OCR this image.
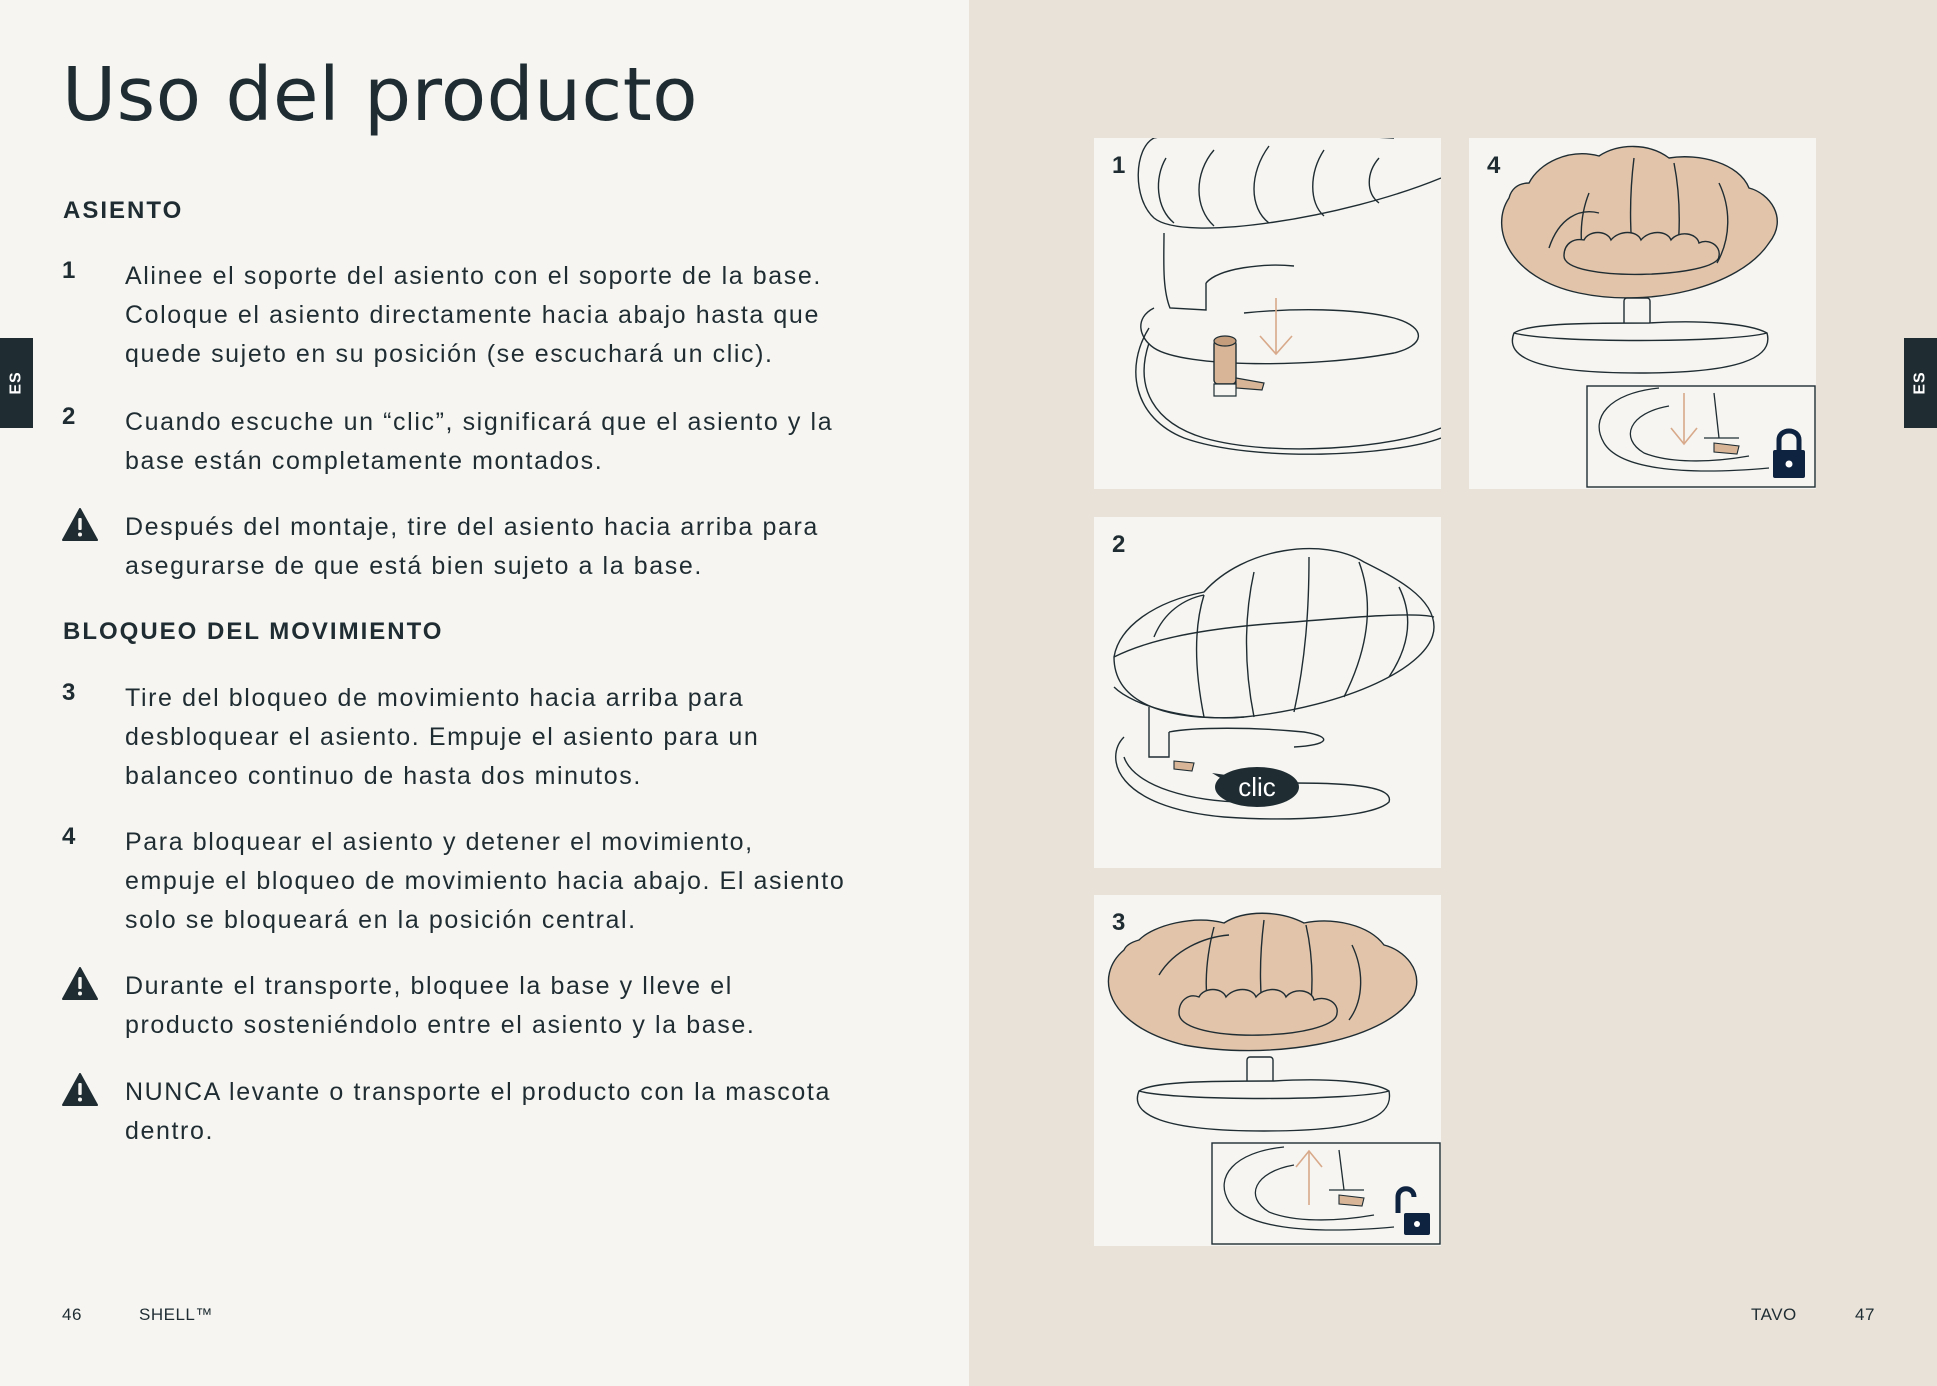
Uso del producto
ASIENTO
1 Alinee el soporte del asiento con el soporte de la base.
Coloque el asiento directamente hacia abajo hasta que
quede sujeto en su posición (se escuchará un clic).
2 Cuando escuche un “clic”, significará que el asiento y la
base están completamente montados.
Después del montaje, tire del asiento hacia arriba para
asegurarse de que está bien sujeto a la base.
BLOQUEO DEL MOVIMIENTO
3 Tire del bloqueo de movimiento hacia arriba para
desbloquear el asiento. Empuje el asiento para un
balanceo continuo de hasta dos minutos.
4 Para bloquear el asiento y detener el movimiento,
empuje el bloqueo de movimiento hacia abajo. El asiento
solo se bloqueará en la posición central.
Durante el transporte, bloquee la base y lleve el
producto sosteniéndolo entre el asiento y la base.
NUNCA levante o transporte el producto con la mascota
dentro.
ES
46	SHELL™
1	4
2
clic
3
ES
TAVO	47
